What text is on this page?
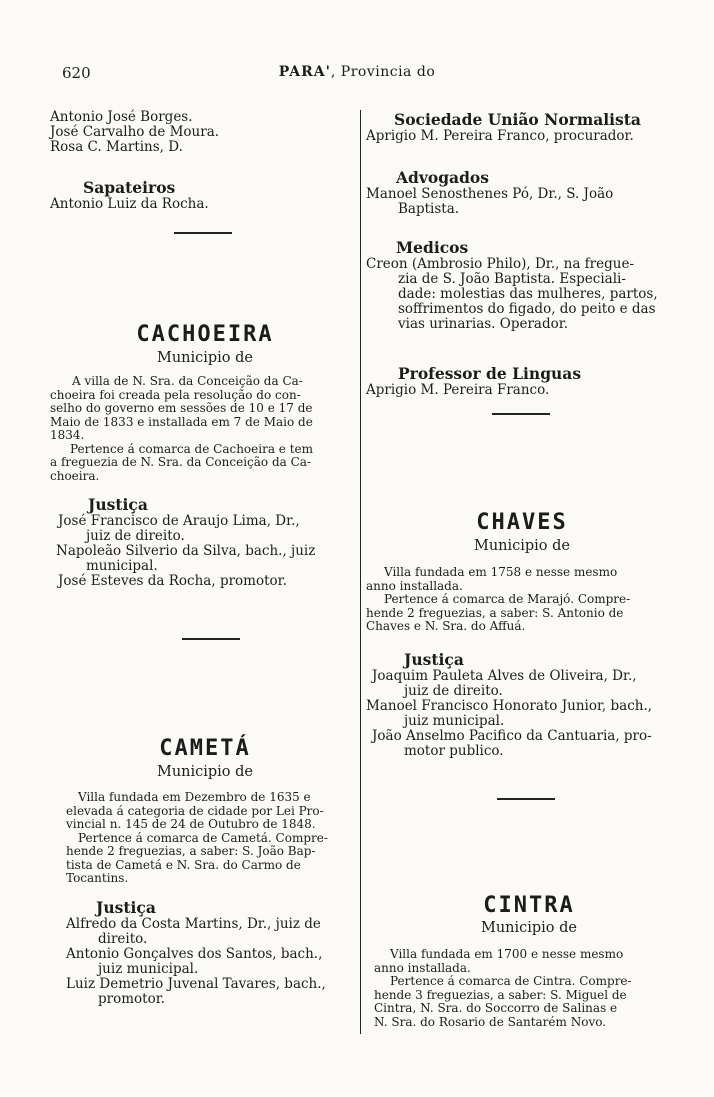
620	PARA', Provincia do
Antonio José Borges.
José Carvalho de Moura.
Rosa C. Martins, D.
Sapateiros
Antonio Luiz da Rocha.
CACHOEIRA
Municipio de
A villa de N. Sra. da Conceição da Ca-
choeira foi creada pela resolução do con-
selho do governo em sessões de 10 e 17 de
Maio de 1833 e installada em 7 de Maio de
1834.
Pertence á comarca de Cachoeira e tem
a freguezia de N. Sra. da Conceição da Ca-
choeira.
Justiça
José Francisco de Araujo Lima, Dr.,
juiz de direito.
Napoleão Silverio da Silva, bach., juiz
municipal.
José Esteves da Rocha, promotor.
CAMETÁ
Municipio de
Villa fundada em Dezembro de 1635 e
elevada á categoria de cidade por Lei Pro-
vincial n. 145 de 24 de Outubro de 1848.
Pertence á comarca de Cametá. Compre-
hende 2 freguezias, a saber: S. João Bap-
tista de Cametá e N. Sra. do Carmo de
Tocantins.
Justiça
Alfredo da Costa Martins, Dr., juiz de
direito.
Antonio Gonçalves dos Santos, bach.,
juiz municipal.
Luiz Demetrio Juvenal Tavares, bach.,
promotor.
Sociedade União Normalista
Aprigio M. Pereira Franco, procurador.
Advogados
Manoel Senosthenes Pó, Dr., S. João
Baptista.
Medicos
Creon (Ambrosio Philo), Dr., na fregue-
zia de S. João Baptista. Especiali-
dade: molestias das mulheres, partos,
soffrimentos do figado, do peito e das
vias urinarias. Operador.
Professor de Linguas
Aprigio M. Pereira Franco.
CHAVES
Municipio de
Villa fundada em 1758 e nesse mesmo
anno installada.
Pertence á comarca de Marajó. Compre-
hende 2 freguezias, a saber: S. Antonio de
Chaves e N. Sra. do Affuá.
Justiça
Joaquim Pauleta Alves de Oliveira, Dr.,
juiz de direito.
Manoel Francisco Honorato Junior, bach.,
juiz municipal.
João Anselmo Pacifico da Cantuaria, pro-
motor publico.
CINTRA
Municipio de
Villa fundada em 1700 e nesse mesmo
anno installada.
Pertence á comarca de Cintra. Compre-
hende 3 freguezias, a saber: S. Miguel de
Cintra, N. Sra. do Soccorro de Salinas e
N. Sra. do Rosario de Santarém Novo.
